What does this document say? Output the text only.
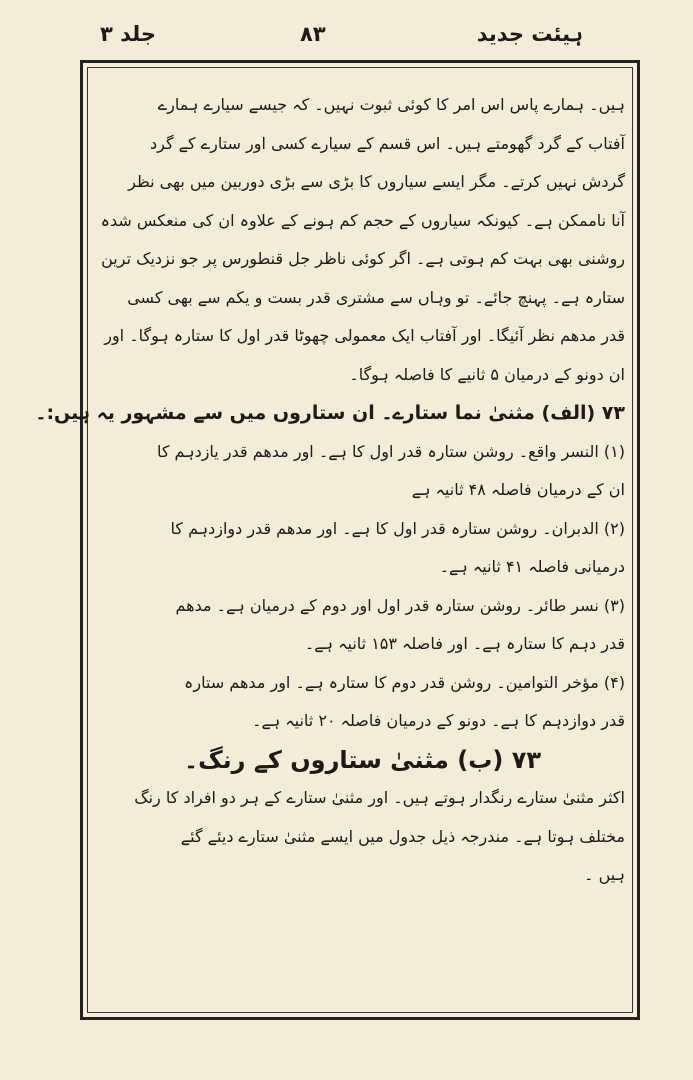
ہیئت جدید
۸۳
جلد ۳
ہیں۔ ہمارے پاس اس امر کا کوئی ثبوت نہیں۔ کہ جیسے سیارے ہمارے
آفتاب کے گرد گھومتے ہیں۔ اس قسم کے سیارے کسی اور ستارے کے گرد
گردش نہیں کرتے۔ مگر ایسے سیاروں کا بڑی سے بڑی دوربین میں بھی نظر
آنا ناممکن ہے۔ کیونکہ سیاروں کے حجم کم ہونے کے علاوہ ان کی منعکس شدہ
روشنی بھی بہت کم ہوتی ہے۔ اگر کوئی ناظر جل قنطورس پر جو نزدیک ترین
ستارہ ہے۔ پہنچ جائے۔ تو وہاں سے مشتری قدر بست و یکم سے بھی کسی
قدر مدھم نظر آئیگا۔ اور آفتاب ایک معمولی چھوٹا قدر اول کا ستارہ ہوگا۔ اور
ان دونو کے درمیان ۵ ثانیے کا فاصلہ ہوگا۔
۷۳ (الف) مثنیٰ نما ستارے۔ ان ستاروں میں سے مشہور یہ ہیں:۔
(۱) النسر واقع۔ روشن ستارہ قدر اول کا ہے۔ اور مدھم قدر یازدہم کا
ان کے درمیان فاصلہ ۴۸ ثانیہ ہے
(۲) الدبران۔ روشن ستارہ قدر اول کا ہے۔ اور مدھم قدر دوازدہم کا
درمیانی فاصلہ ۴۱ ثانیہ ہے۔
(۳) نسر طائر۔ روشن ستارہ قدر اول اور دوم کے درمیان ہے۔ مدھم
قدر دہم کا ستارہ ہے۔ اور فاصلہ ۱۵۳ ثانیہ ہے۔
(۴) مؤخر التوامین۔ روشن قدر دوم کا ستارہ ہے۔ اور مدھم ستارہ
قدر دوازدہم کا ہے۔ دونو کے درمیان فاصلہ ۲۰ ثانیہ ہے۔
۷۳ (ب) مثنیٰ ستاروں کے رنگ۔
اکثر مثنیٰ ستارے رنگدار ہوتے ہیں۔ اور مثنیٰ ستارے کے ہر دو افراد کا رنگ
مختلف ہوتا ہے۔ مندرجہ ذیل جدول میں ایسے مثنیٰ ستارے دیئے گئے
ہیں ۔
